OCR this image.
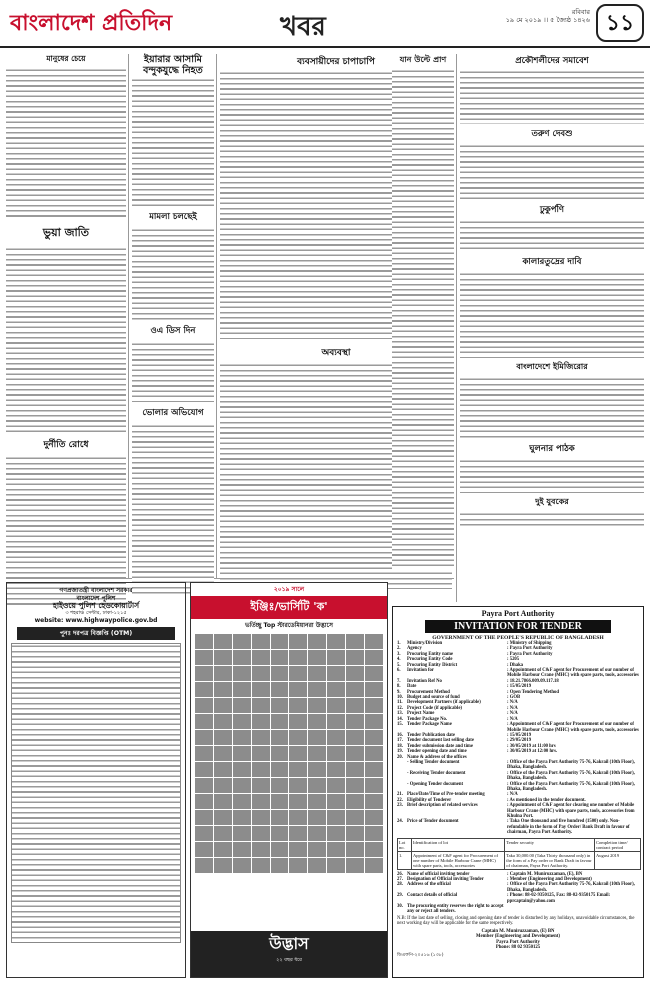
বাংলাদেশ প্রতিদিন	খবর	রবিবার
১৯ মে ২০১৯ ।। ৫ জ্যৈষ্ঠ ১৪২৬ ১১
মানুষের চেয়ে
ভুয়া জাতি
দুর্নীতি রোধে
ইয়ারার আসামি বন্দুকযুদ্ধে নিহত
মামলা চলছেই
ওএ ডিস দিন
ভোলার অভিযোগ
ব্যবসায়ীদের চাপাচাপি
অব্যবস্থা
যান উল্টে প্রাণ	প্রকৌশলীদের সমাবেশ
তরুণ দেবশু
ঢুকুর্পণি
কালারতুদ্রের দাবি
বাংলাদেশে ইমিজিরোর
ঘুলনার পাঠক
দুই যুবকের
গণপ্রজাতন্ত্রী বাংলাদেশ সরকার
বাংলাদেশ পুলিশ
হাইওয়ে পুলিশ হেডকোয়ার্টার্স
৩ শহরাঞ্চ সেন্টার, ঢাকা-১২১৫
website: www.highwaypolice.gov.bd
পুনঃ দরপত্র বিজ্ঞপ্তি (OTM)
২০১৯ সালে
ইঞ্জিঃ/ভার্সিটি 'ক'
ভর্তিচ্ছু Top স্টারডেমিয়ানরা উদ্ভাসে
উদ্ভাস
২২ বছর ধরে
Payra Port Authority
INVITATION FOR TENDER
GOVERNMENT OF THE PEOPLE'S REPUBLIC OF BANGLADESH
1.	Ministry/Division	: Ministry of Shipping
2.	Agency	: Payra Port Authority
3.	Procuring Entity name	: Payra Port Authority
4.	Procuring Entity Code	: 5205
5.	Procuring Entity District	: Dhaka
6.	Invitation for	: Appointment of C&F agent for Procurement of our number of Mobile Harbour Crane (MHC) with spare parts, tools, accessories
7.	Invitation Ref No	: 18.21.7866.009.09.117.18
8.	Date	: 15/05/2019
9.	Procurement Method	: Open Tendering Method
10. Budget and source of fund	: GOB
11. Development Partners (if applicable)	: N/A
12. Project Code (if applicable)	: N/A
13. Project Name	: N/A
14. Tender Package No.	: N/A
15. Tender Package Name	: Appointment of C&F agent for Procurement of our number of Mobile Harbour Crane (MHC) with spare parts, tools, accessories
16. Tender Publication date	: 15/05/2019
17. Tender document last selling date	: 29/05/2019
18. Tender submission date and time	: 30/05/2019 at 11:00 hrs
19. Tender opening date and time	: 30/05/2019 at 12:00 hrs.
20. Name & address of the offices
- Selling Tender document	: Office of the Payra Port Authority 75-76, Kakrail (10th Floor), Dhaka, Bangladesh.
- Receiving Tender document	: Office of the Payra Port Authority 75-76, Kakrail (10th Floor), Dhaka, Bangladesh.
- Opening Tender document	: Office of the Payra Port Authority 75-76, Kakrail (10th Floor), Dhaka, Bangladesh.
21. Place/Date/Time of Pre-tender meeting	: N/A
22. Eligibility of Tenderer	: As mentioned in the tender document.
23. Brief description of related services	: Appointment of C&F agent for clearing one number of Mobile Harbour Crane (MHC) with spare parts, tools, accessories from Khulna Port.
24. Price of Tender document	: Taka One thousand and five hundred (1500) only. Non-refundable in the form of Pay Order/ Bank Draft in favour of chairman, Payra Port Authority.
Lot no.	Identification of lot	Tender security	Completion time/ contract period
1.	Appointment of C&F agent for Procurement of one number of Mobile Harbour Crane (MHC) with spare parts, tools, accessories	Taka 30,000.00 (Taka Thirty thousand only) in the form of a Pay order or Bank Draft in favour of chairman, Payra Port Authority.	August 2019
26. Name of official inviting tender	: Captain M. Muniruzzaman, (E), BN
27. Designation of Official inviting Tender	: Member (Engineering and Development)
28. Address of the official	: Office of the Payra Port Authority 75-76, Kakrail (10th Floor), Dhaka, Bangladesh.
29. Contact details of official	: Phone: 88-02-9350125, Fax: 88-02-9350175 Email: pprcaptain@yahoo.com
30. The procuring entity reserves the right to accept any or reject all tenders.
N.B: If the last date of selling, closing and opening date of tender is disturbed by any holidays, unavoidable circumstances, the next working day will be applicable for the same respectively.
Captain M. Muniruzzaman, (E) BN
Member (Engineering and Development)
Payra Port Authority
Phone: 88 02 9350125
ডিএফপি-২০৫১৬ (১৩৮)
